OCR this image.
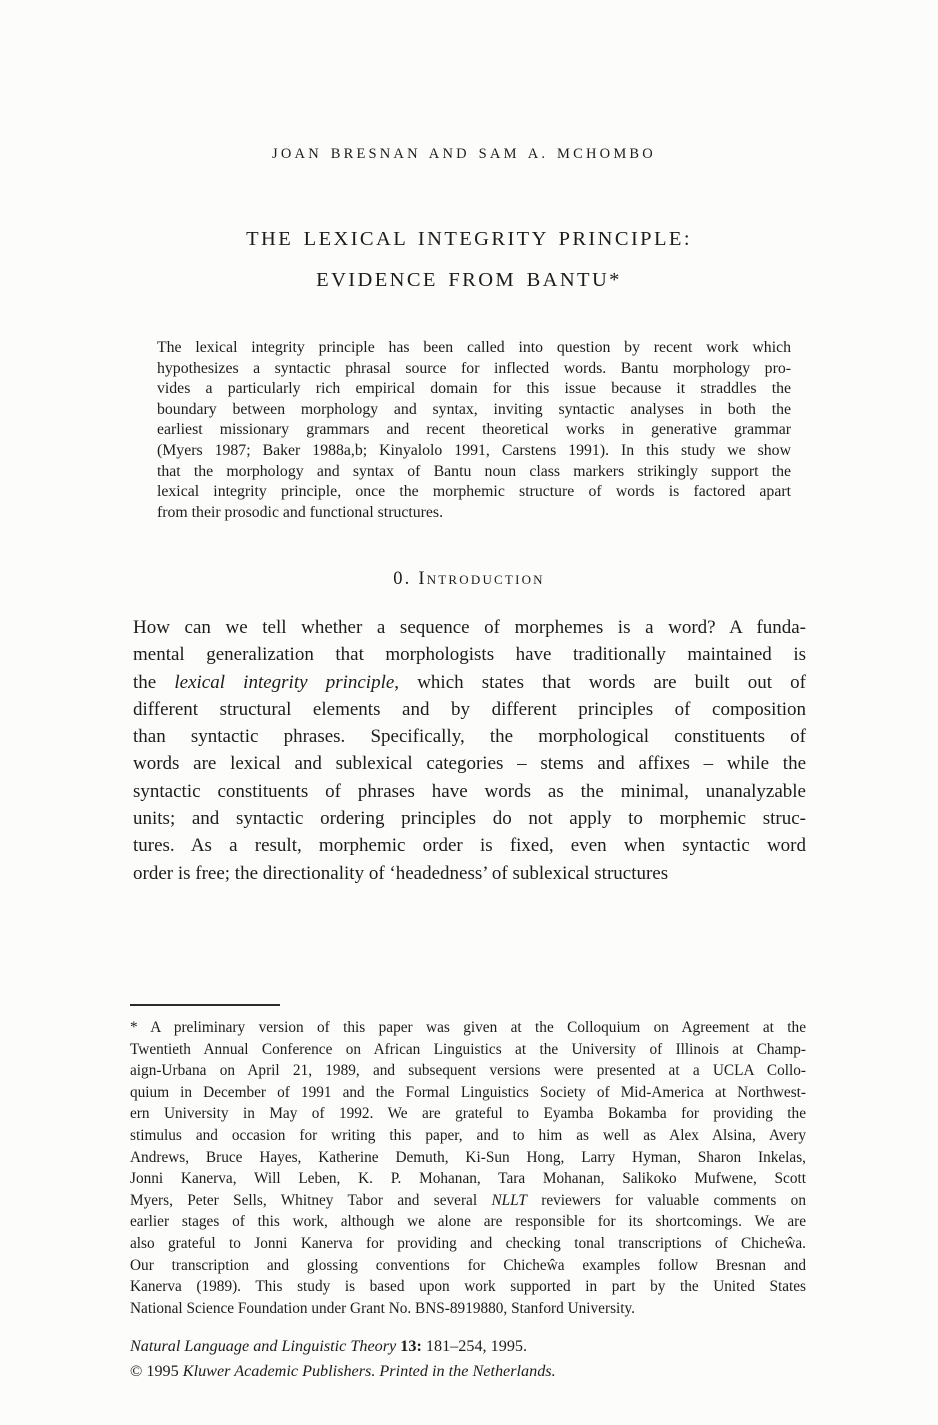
JOAN BRESNAN AND SAM A. MCHOMBO
THE LEXICAL INTEGRITY PRINCIPLE:
EVIDENCE FROM BANTU*
The lexical integrity principle has been called into question by recent work which
hypothesizes a syntactic phrasal source for inflected words. Bantu morphology pro-
vides a particularly rich empirical domain for this issue because it straddles the
boundary between morphology and syntax, inviting syntactic analyses in both the
earliest missionary grammars and recent theoretical works in generative grammar
(Myers 1987; Baker 1988a,b; Kinyalolo 1991, Carstens 1991). In this study we show
that the morphology and syntax of Bantu noun class markers strikingly support the
lexical integrity principle, once the morphemic structure of words is factored apart
from their prosodic and functional structures.
0. Introduction
How can we tell whether a sequence of morphemes is a word? A funda-
mental generalization that morphologists have traditionally maintained is
the lexical integrity principle, which states that words are built out of
different structural elements and by different principles of composition
than syntactic phrases. Specifically, the morphological constituents of
words are lexical and sublexical categories – stems and affixes – while the
syntactic constituents of phrases have words as the minimal, unanalyzable
units; and syntactic ordering principles do not apply to morphemic struc-
tures. As a result, morphemic order is fixed, even when syntactic word
order is free; the directionality of ‘headedness’ of sublexical structures
* A preliminary version of this paper was given at the Colloquium on Agreement at the
Twentieth Annual Conference on African Linguistics at the University of Illinois at Champ-
aign-Urbana on April 21, 1989, and subsequent versions were presented at a UCLA Collo-
quium in December of 1991 and the Formal Linguistics Society of Mid-America at Northwest-
ern University in May of 1992. We are grateful to Eyamba Bokamba for providing the
stimulus and occasion for writing this paper, and to him as well as Alex Alsina, Avery
Andrews, Bruce Hayes, Katherine Demuth, Ki-Sun Hong, Larry Hyman, Sharon Inkelas,
Jonni Kanerva, Will Leben, K. P. Mohanan, Tara Mohanan, Salikoko Mufwene, Scott
Myers, Peter Sells, Whitney Tabor and several NLLT reviewers for valuable comments on
earlier stages of this work, although we alone are responsible for its shortcomings. We are
also grateful to Jonni Kanerva for providing and checking tonal transcriptions of Chicheŵa.
Our transcription and glossing conventions for Chicheŵa examples follow Bresnan and
Kanerva (1989). This study is based upon work supported in part by the United States
National Science Foundation under Grant No. BNS-8919880, Stanford University.
Natural Language and Linguistic Theory 13: 181–254, 1995.
© 1995 Kluwer Academic Publishers. Printed in the Netherlands.
